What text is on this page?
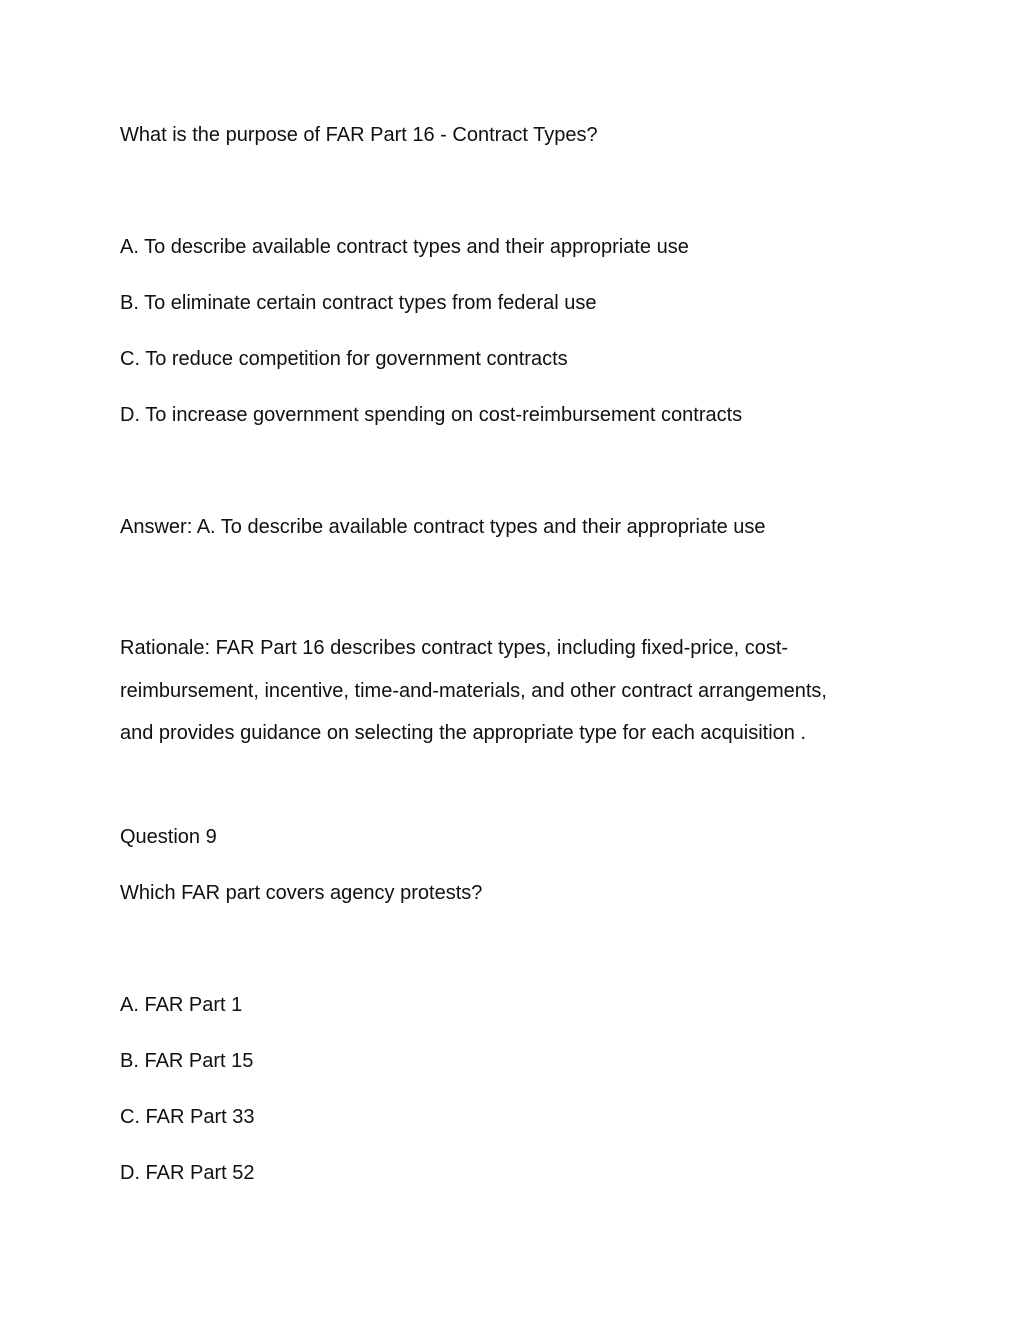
What is the purpose of FAR Part 16 - Contract Types?

A. To describe available contract types and their appropriate use

B. To eliminate certain contract types from federal use

C. To reduce competition for government contracts

D. To increase government spending on cost-reimbursement contracts

Answer: A. To describe available contract types and their appropriate use

Rationale: FAR Part 16 describes contract types, including fixed-price, cost-
reimbursement, incentive, time-and-materials, and other contract arrangements,
and provides guidance on selecting the appropriate type for each acquisition .

Question 9

Which FAR part covers agency protests?

A. FAR Part 1

B. FAR Part 15

C. FAR Part 33

D. FAR Part 52
